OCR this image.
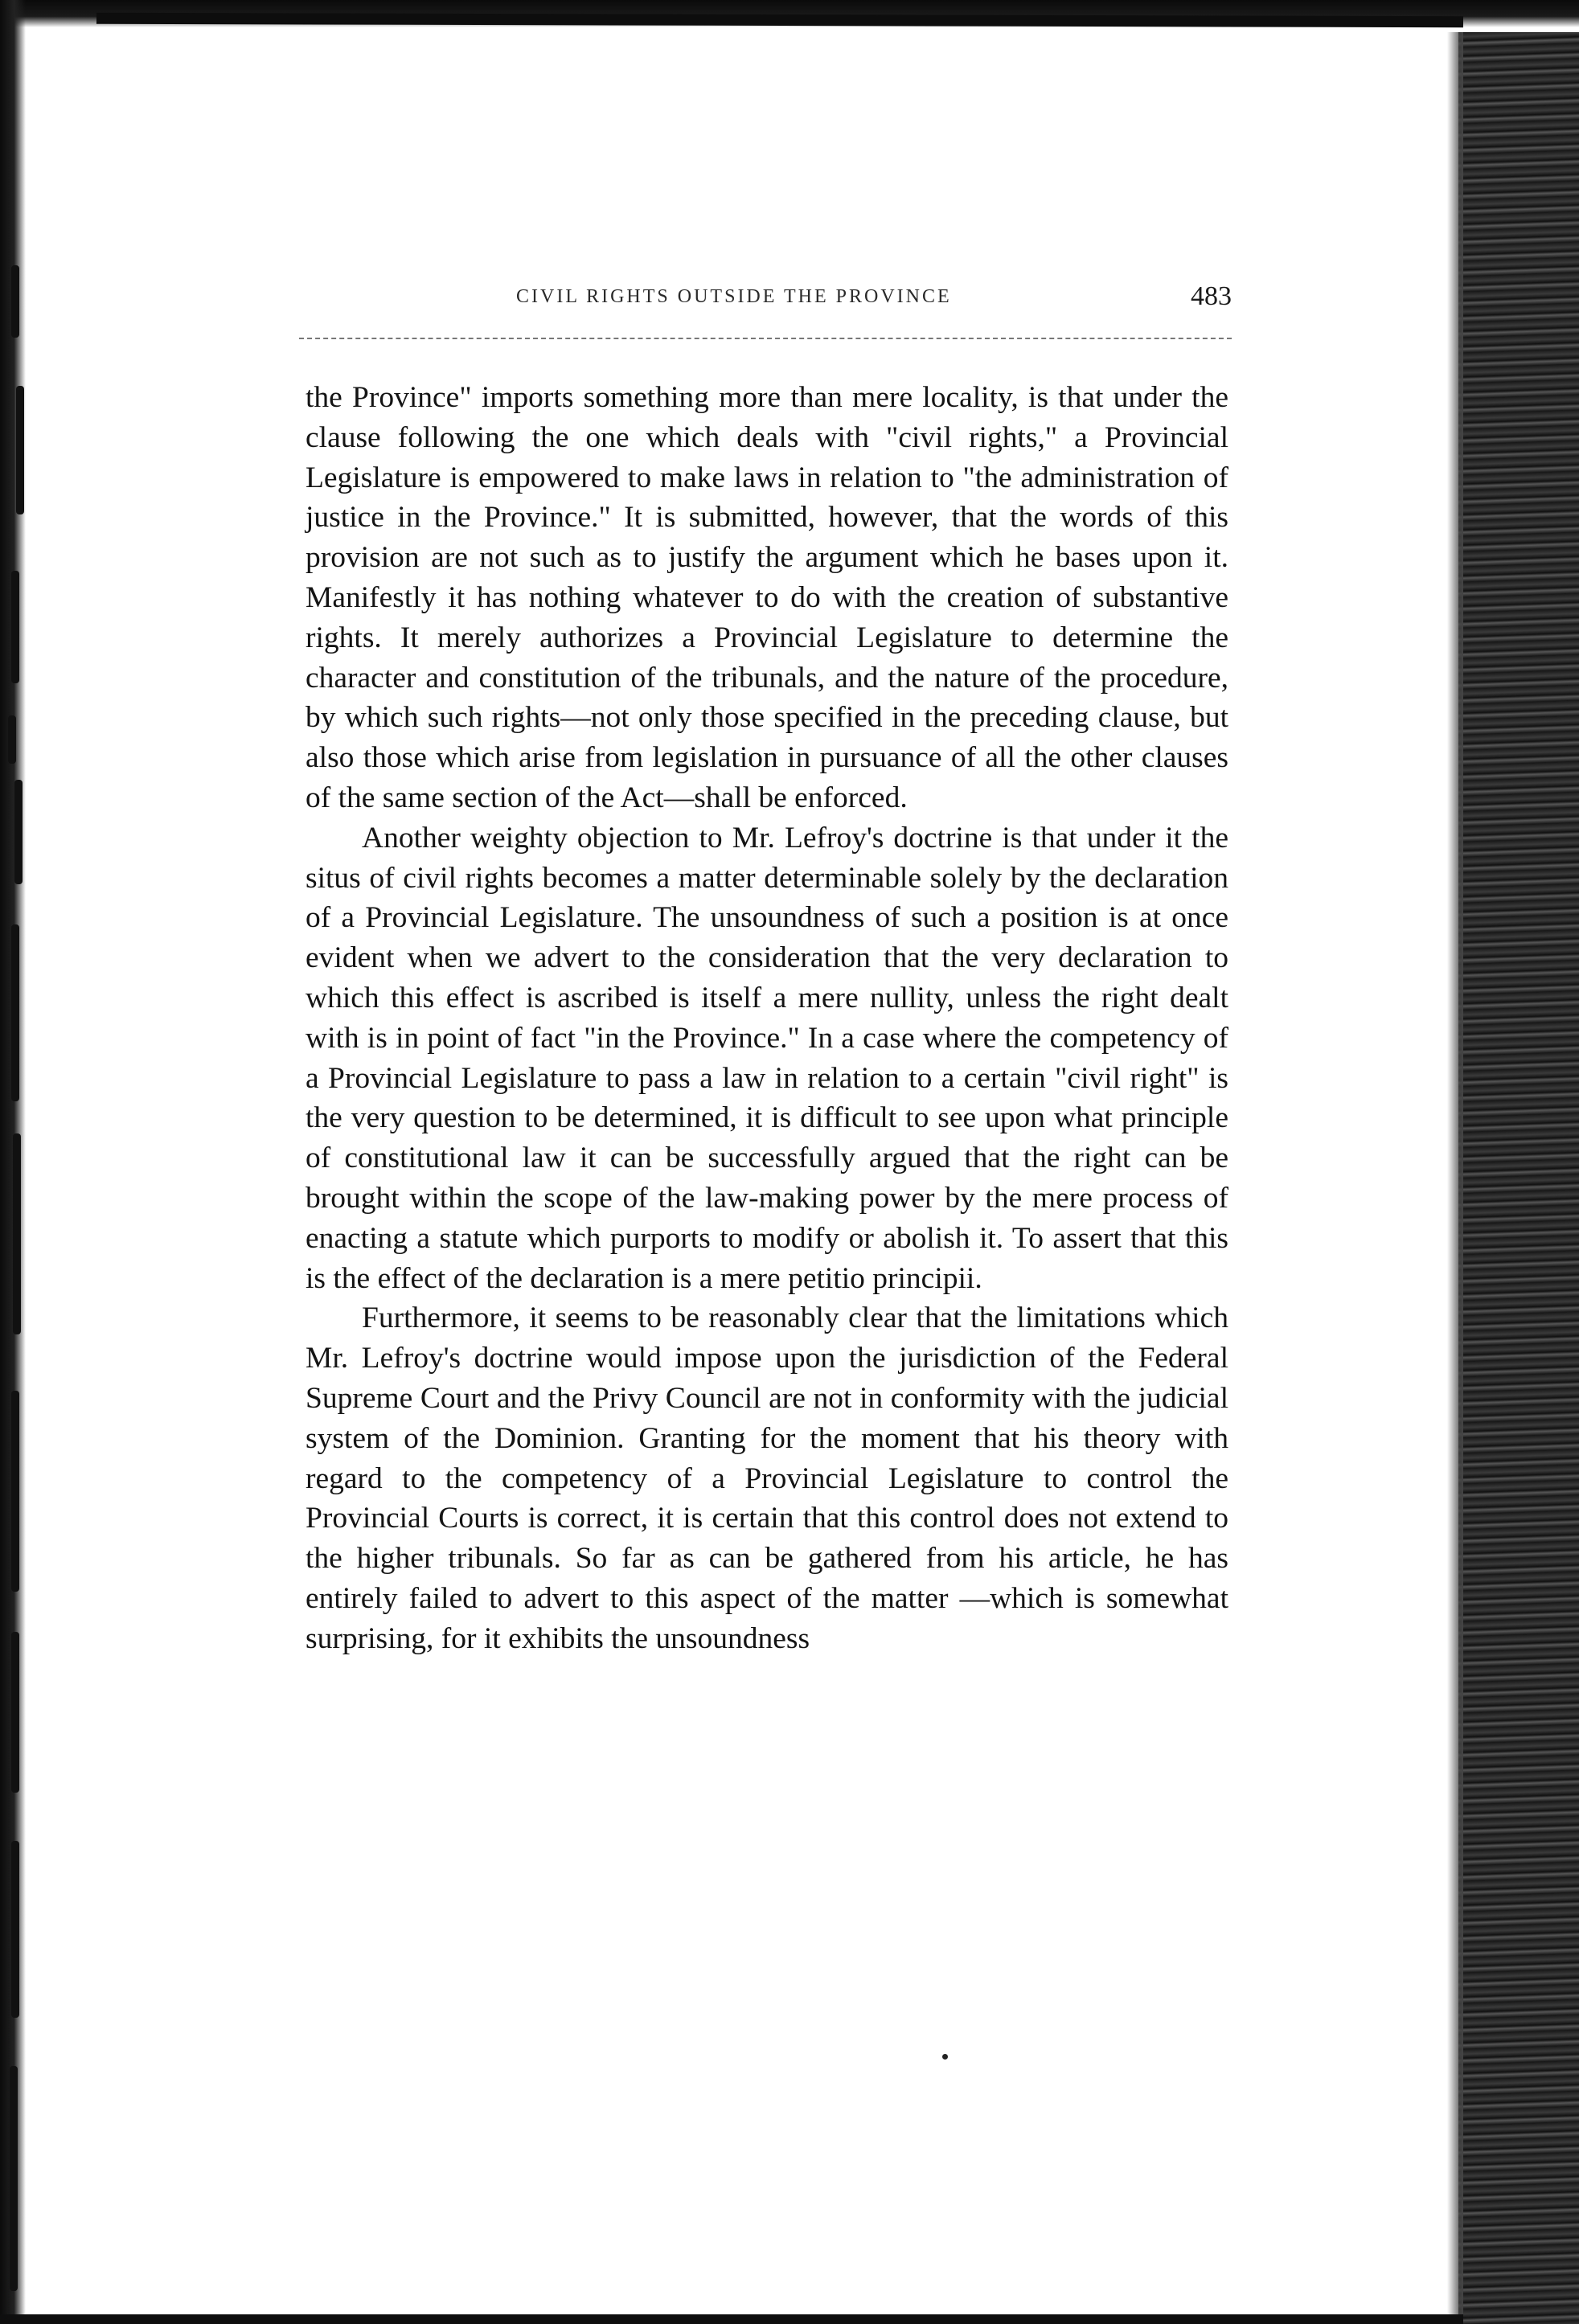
CIVIL RIGHTS OUTSIDE THE PROVINCE	483

the Province" imports something more than mere locality, is that under the clause following the one which deals with "civil rights," a Provincial Legislature is empowered to make laws in relation to "the administration of justice in the Province." It is submitted, however, that the words of this provision are not such as to justify the argument which he bases upon it. Manifestly it has nothing whatever to do with the creation of substantive rights. It merely authorizes a Provincial Legislature to determine the character and constitution of the tribunals, and the nature of the procedure, by which such rights—not only those specified in the preceding clause, but also those which arise from legislation in pursuance of all the other clauses of the same section of the Act—shall be enforced.

Another weighty objection to Mr. Lefroy's doctrine is that under it the situs of civil rights becomes a matter determinable solely by the declaration of a Provincial Legislature. The unsoundness of such a position is at once evident when we advert to the consideration that the very declaration to which this effect is ascribed is itself a mere nullity, unless the right dealt with is in point of fact "in the Province." In a case where the competency of a Provincial Legislature to pass a law in relation to a certain "civil right" is the very question to be determined, it is difficult to see upon what principle of constitutional law it can be successfully argued that the right can be brought within the scope of the law-making power by the mere process of enacting a statute which purports to modify or abolish it. To assert that this is the effect of the declaration is a mere petitio principii.

Furthermore, it seems to be reasonably clear that the limitations which Mr. Lefroy's doctrine would impose upon the jurisdiction of the Federal Supreme Court and the Privy Council are not in conformity with the judicial system of the Dominion. Granting for the moment that his theory with regard to the competency of a Provincial Legislature to control the Provincial Courts is correct, it is certain that this control does not extend to the higher tribunals. So far as can be gathered from his article, he has entirely failed to advert to this aspect of the matter —which is somewhat surprising, for it exhibits the unsoundness
